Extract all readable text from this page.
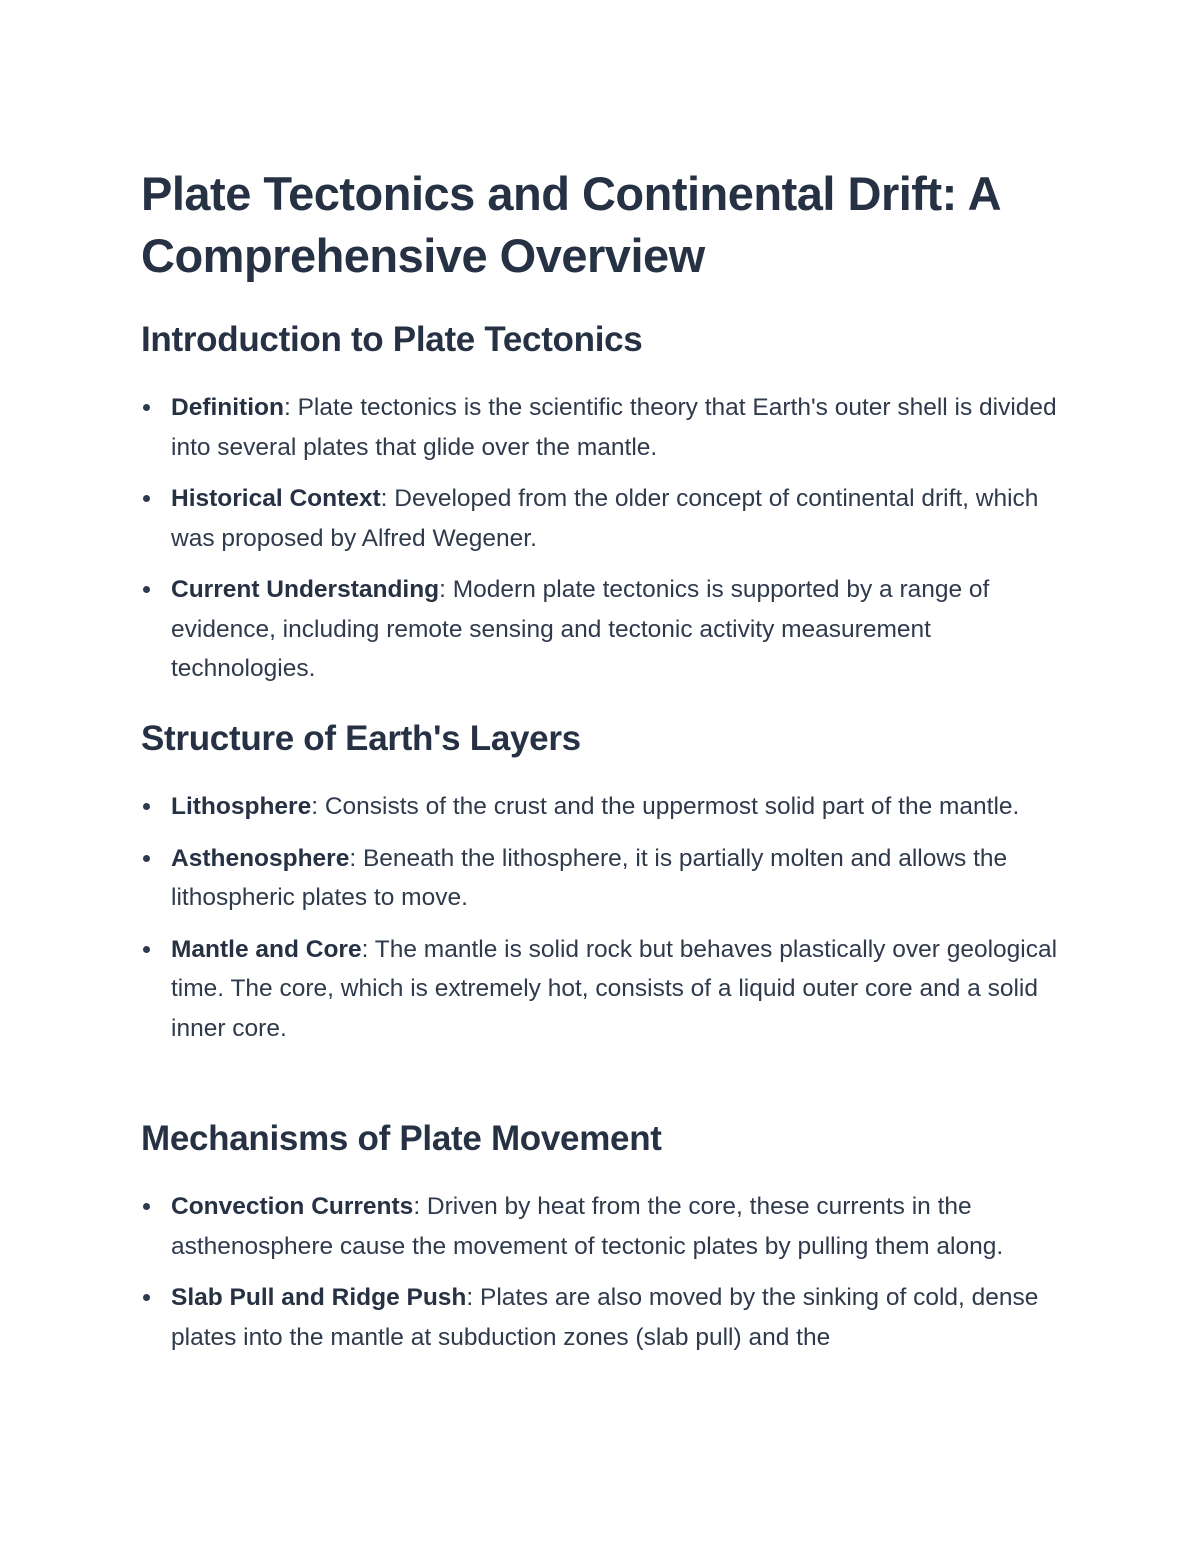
Plate Tectonics and Continental Drift: A Comprehensive Overview
Introduction to Plate Tectonics
Definition: Plate tectonics is the scientific theory that Earth's outer shell is divided into several plates that glide over the mantle.
Historical Context: Developed from the older concept of continental drift, which was proposed by Alfred Wegener.
Current Understanding: Modern plate tectonics is supported by a range of evidence, including remote sensing and tectonic activity measurement technologies.
Structure of Earth's Layers
Lithosphere: Consists of the crust and the uppermost solid part of the mantle.
Asthenosphere: Beneath the lithosphere, it is partially molten and allows the lithospheric plates to move.
Mantle and Core: The mantle is solid rock but behaves plastically over geological time. The core, which is extremely hot, consists of a liquid outer core and a solid inner core.
Mechanisms of Plate Movement
Convection Currents: Driven by heat from the core, these currents in the asthenosphere cause the movement of tectonic plates by pulling them along.
Slab Pull and Ridge Push: Plates are also moved by the sinking of cold, dense plates into the mantle at subduction zones (slab pull) and the
